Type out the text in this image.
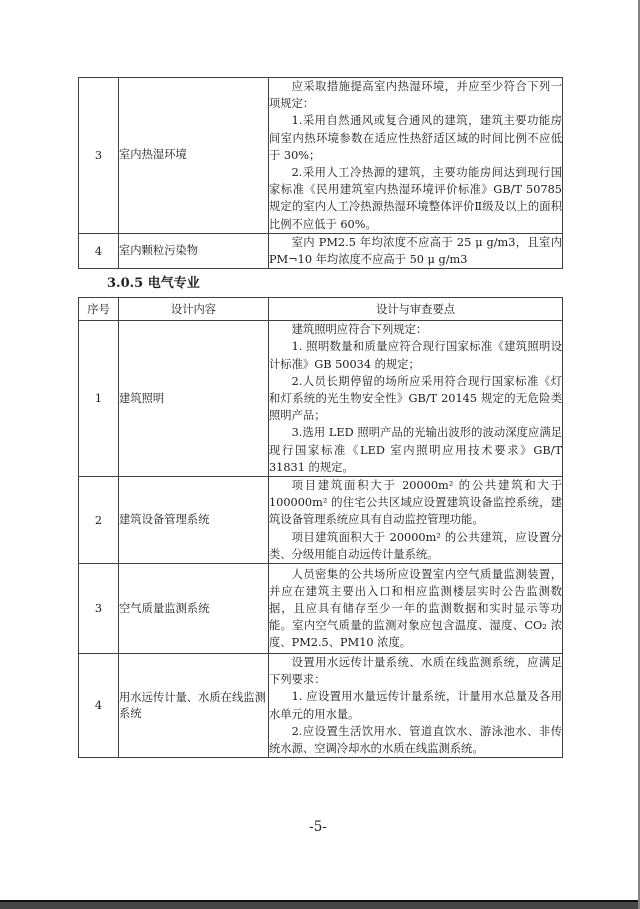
3	室内热湿环境	应采取措施提高室内热湿环境，并应至少符合下列一项规定：

1.采用自然通风或复合通风的建筑，建筑主要功能房间室内热环境参数在适应性热舒适区域的时间比例不应低于 30%；

2.采用人工冷热源的建筑，主要功能房间达到现行国家标准《民用建筑室内热湿环境评价标准》GB/T 50785 规定的室内人工冷热源热湿环境整体评价Ⅱ级及以上的面积比例不应低于 60%。

4	室内颗粒污染物	室内 PM2.5 年均浓度不应高于 25 μ g/m3，且室内 PM¬10 年均浓度不应高于 50 μ g/m3

3.0.5 电气专业
序号	设计内容	设计与审查要点
1	建筑照明	建筑照明应符合下列规定：

1. 照明数量和质量应符合现行国家标准《建筑照明设计标准》GB 50034 的规定；

2.人员长期停留的场所应采用符合现行国家标准《灯和灯系统的光生物安全性》GB/T 20145 规定的无危险类照明产品；

3.选用 LED 照明产品的光输出波形的波动深度应满足现行国家标准《LED 室内照明应用技术要求》GB/T 31831 的规定。

2	建筑设备管理系统	项目建筑面积大于 20000m² 的公共建筑和大于 100000m² 的住宅公共区域应设置建筑设备监控系统，建筑设备管理系统应具有自动监控管理功能。

项目建筑面积大于 20000m² 的公共建筑，应设置分类、分级用能自动远传计量系统。

3	空气质量监测系统	人员密集的公共场所应设置室内空气质量监测装置，并应在建筑主要出入口和相应监测楼层实时公告监测数据，且应具有储存至少一年的监测数据和实时显示等功能。室内空气质量的监测对象应包含温度、湿度、CO₂ 浓度、PM2.5、PM10 浓度。

4	用水远传计量、水质在线监测系统	设置用水远传计量系统、水质在线监测系统，应满足下列要求：

1. 应设置用水量远传计量系统，计量用水总量及各用水单元的用水量。

2.应设置生活饮用水、管道直饮水、游泳池水、非传统水源、空调冷却水的水质在线监测系统。

-5-
